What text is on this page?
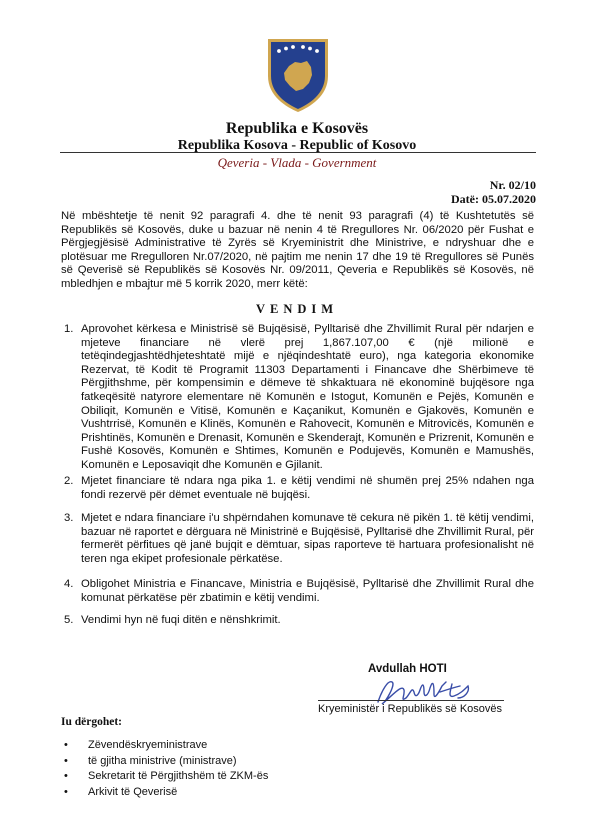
Republika e Kosovës
Republika Kosova - Republic of Kosovo
Qeveria - Vlada - Government
Nr. 02/10
Datë: 05.07.2020
Në mbështetje të nenit 92 paragrafi 4. dhe të nenit 93 paragrafi (4) të Kushtetutës së Republikës së Kosovës, duke u bazuar në nenin 4 të Rregullores Nr. 06/2020 për Fushat e Përgjegjësisë Administrative të Zyrës së Kryeministrit dhe Ministrive, e ndryshuar dhe e plotësuar me Rregulloren Nr.07/2020, në pajtim me nenin 17 dhe 19 të Rregullores së Punës së Qeverisë së Republikës së Kosovës Nr. 09/2011, Qeveria e Republikës së Kosovës, në mbledhjen e mbajtur më 5 korrik 2020, merr këtë:
VENDIM
1. Aprovohet kërkesa e Ministrisë së Bujqësisë, Pylltarisë dhe Zhvillimit Rural për ndarjen e mjeteve financiare në vlerë prej 1,867.107,00 € (një milionë e tetëqindegjashtëdhjeteshtatë mijë e njëqindeshtatë euro), nga kategoria ekonomike Rezervat, të Kodit të Programit 11303 Departamenti i Financave dhe Shërbimeve të Përgjithshme, për kompensimin e dëmeve të shkaktuara në ekonominë bujqësore nga fatkeqësitë natyrore elementare në Komunën e Istogut, Komunën e Pejës, Komunën e Obiliqit, Komunën e Vitisë, Komunën e Kaçanikut, Komunën e Gjakovës, Komunën e Vushtrrisë, Komunën e Klinës, Komunën e Rahovecit, Komunën e Mitrovicës, Komunën e Prishtinës, Komunën e Drenasit, Komunën e Skenderajt, Komunën e Prizrenit, Komunën e Fushë Kosovës, Komunën e Shtimes, Komunën e Podujevës, Komunën e Mamushës, Komunën e Leposaviqit dhe Komunën e Gjilanit.
2. Mjetet financiare të ndara nga pika 1. e këtij vendimi në shumën prej 25% ndahen nga fondi rezervë për dëmet eventuale në bujqësi.
3. Mjetet e ndara financiare i'u shpërndahen komunave të cekura në pikën 1. të këtij vendimi, bazuar në raportet e dërguara në Ministrinë e Bujqësisë, Pylltarisë dhe Zhvillimit Rural, për fermerët përfitues që janë bujqit e dëmtuar, sipas raporteve të hartuara profesionalisht në teren nga ekipet profesionale përkatëse.
4. Obligohet Ministria e Financave, Ministria e Bujqësisë, Pylltarisë dhe Zhvillimit Rural dhe komunat përkatëse për zbatimin e këtij vendimi.
5. Vendimi hyn në fuqi ditën e nënshkrimit.
Avdullah HOTI
Kryeministër i Republikës së Kosovës
Iu dërgohet:
• Zëvendëskryeministrave
• të gjitha ministrive (ministrave)
• Sekretarit të Përgjithshëm të ZKM-ës
• Arkivit të Qeverisë
